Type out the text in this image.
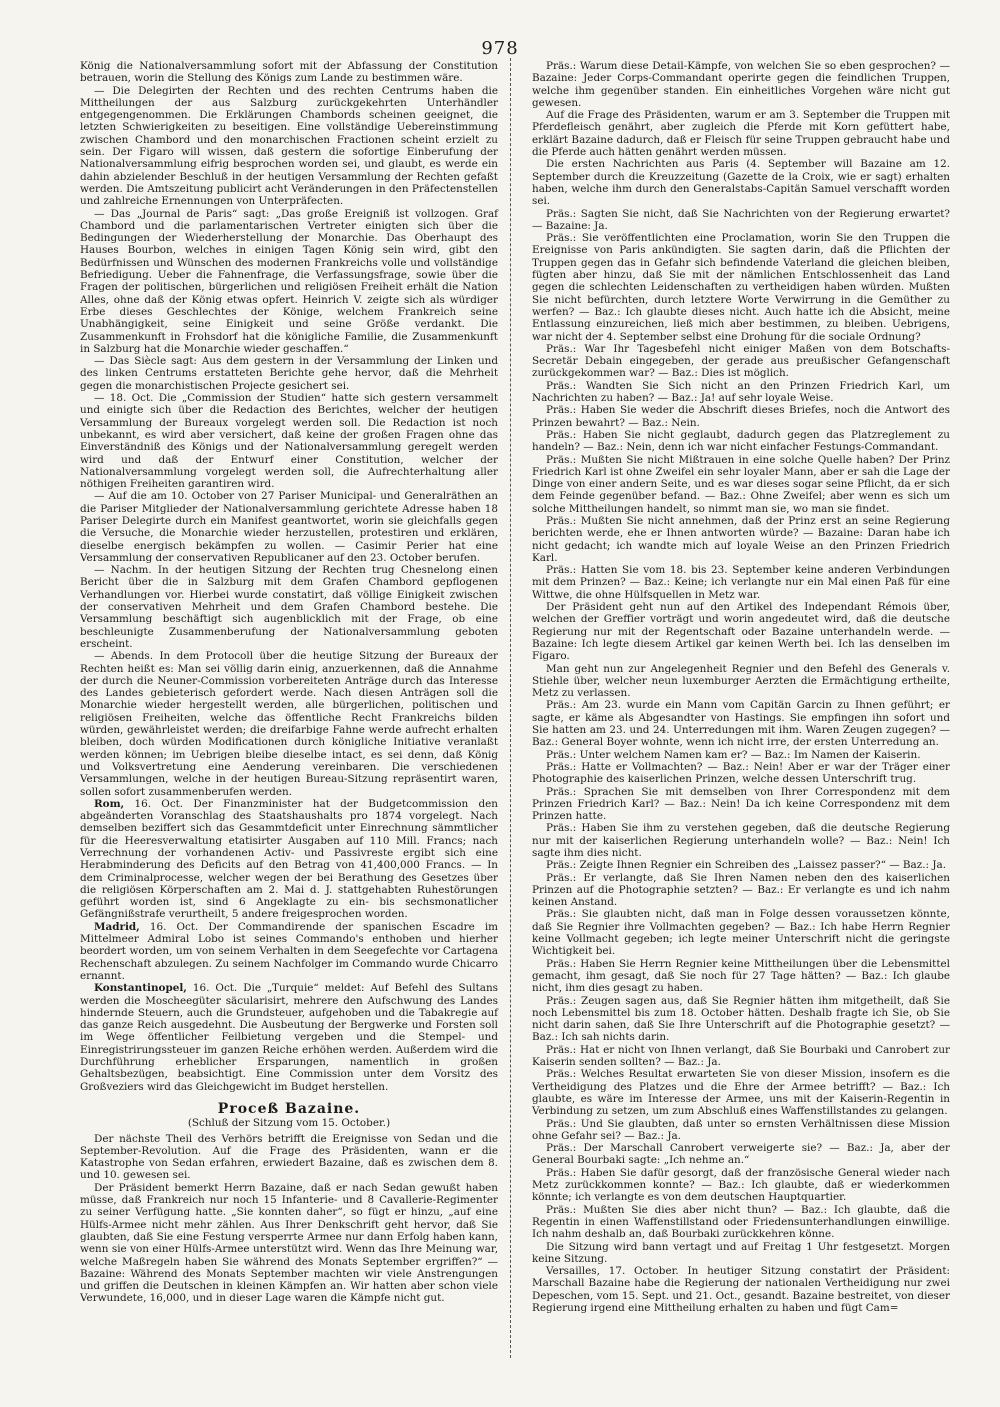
978

König die Nationalversammlung sofort mit der Abfassung der Constitution betrauen, worin die Stellung des Königs zum Lande zu bestimmen wäre.

— Die Delegirten der Rechten und des rechten Centrums haben die Mittheilungen der aus Salzburg zurückgekehrten Unterhändler entgegengenommen. Die Erklärungen Chambords scheinen geeignet, die letzten Schwierigkeiten zu beseitigen. Eine vollständige Uebereinstimmung zwischen Chambord und den monarchischen Fractionen scheint erzielt zu sein. Der Figaro will wissen, daß gestern die sofortige Einberufung der Nationalversammlung eifrig besprochen worden sei, und glaubt, es werde ein dahin abzielender Beschluß in der heutigen Versammlung der Rechten gefaßt werden. Die Amtszeitung publicirt acht Veränderungen in den Präfectenstellen und zahlreiche Ernennungen von Unterpräfecten.

— Das „Journal de Paris“ sagt: „Das große Ereigniß ist vollzogen. Graf Chambord und die parlamentarischen Vertreter einigten sich über die Bedingungen der Wiederherstellung der Monarchie. Das Oberhaupt des Hauses Bourbon, welches in einigen Tagen König sein wird, gibt den Bedürfnissen und Wünschen des modernen Frankreichs volle und vollständige Befriedigung. Ueber die Fahnenfrage, die Verfassungsfrage, sowie über die Fragen der politischen, bürgerlichen und religiösen Freiheit erhält die Nation Alles, ohne daß der König etwas opfert. Heinrich V. zeigte sich als würdiger Erbe dieses Geschlechtes der Könige, welchem Frankreich seine Unabhängigkeit, seine Einigkeit und seine Größe verdankt. Die Zusammenkunft in Frohsdorf hat die königliche Familie, die Zusammenkunft in Salzburg hat die Monarchie wieder geschaffen.“

— Das Siècle sagt: Aus dem gestern in der Versammlung der Linken und des linken Centrums erstatteten Berichte gehe hervor, daß die Mehrheit gegen die monarchistischen Projecte gesichert sei.

— 18. Oct. Die „Commission der Studien“ hatte sich gestern versammelt und einigte sich über die Redaction des Berichtes, welcher der heutigen Versammlung der Bureaux vorgelegt werden soll. Die Redaction ist noch unbekannt, es wird aber versichert, daß keine der großen Fragen ohne das Einverständniß des Königs und der Nationalversammlung geregelt werden wird und daß der Entwurf einer Constitution, welcher der Nationalversammlung vorgelegt werden soll, die Aufrechterhaltung aller nöthigen Freiheiten garantiren wird.

— Auf die am 10. October von 27 Pariser Municipal- und Generalräthen an die Pariser Mitglieder der Nationalversammlung gerichtete Adresse haben 18 Pariser Delegirte durch ein Manifest geantwortet, worin sie gleichfalls gegen die Versuche, die Monarchie wieder herzustellen, protestiren und erklären, dieselbe energisch bekämpfen zu wollen. — Casimir Perier hat eine Versammlung der conservativen Republicaner auf den 23. October berufen.

— Nachm. In der heutigen Sitzung der Rechten trug Chesnelong einen Bericht über die in Salzburg mit dem Grafen Chambord gepflogenen Verhandlungen vor. Hierbei wurde constatirt, daß völlige Einigkeit zwischen der conservativen Mehrheit und dem Grafen Chambord bestehe. Die Versammlung beschäftigt sich augenblicklich mit der Frage, ob eine beschleunigte Zusammenberufung der Nationalversammlung geboten erscheint.

— Abends. In dem Protocoll über die heutige Sitzung der Bureaux der Rechten heißt es: Man sei völlig darin einig, anzuerkennen, daß die Annahme der durch die Neuner-Commission vorbereiteten Anträge durch das Interesse des Landes gebieterisch gefordert werde. Nach diesen Anträgen soll die Monarchie wieder hergestellt werden, alle bürgerlichen, politischen und religiösen Freiheiten, welche das öffentliche Recht Frankreichs bilden würden, gewährleistet werden; die dreifarbige Fahne werde aufrecht erhalten bleiben, doch würden Modificationen durch königliche Initiative veranlaßt werden können; im Uebrigen bleibe dieselbe intact, es sei denn, daß König und Volksvertretung eine Aenderung vereinbaren. Die verschiedenen Versammlungen, welche in der heutigen Bureau-Sitzung repräsentirt waren, sollen sofort zusammenberufen werden.

Rom, 16. Oct. Der Finanzminister hat der Budgetcommission den abgeänderten Voranschlag des Staatshaushalts pro 1874 vorgelegt. Nach demselben beziffert sich das Gesammtdeficit unter Einrechnung sämmtlicher für die Heeresverwaltung etatisirter Ausgaben auf 110 Mill. Francs; nach Verrechnung der vorhandenen Activ- und Passivreste ergibt sich eine Herabminderung des Deficits auf den Betrag von 41,400,000 Francs. — In dem Criminalprocesse, welcher wegen der bei Berathung des Gesetzes über die religiösen Körperschaften am 2. Mai d. J. stattgehabten Ruhestörungen geführt worden ist, sind 6 Angeklagte zu ein- bis sechsmonatlicher Gefängnißstrafe verurtheilt, 5 andere freigesprochen worden.

Madrid, 16. Oct. Der Commandirende der spanischen Escadre im Mittelmeer Admiral Lobo ist seines Commando's enthoben und hierher beordert worden, um von seinem Verhalten in dem Seegefechte vor Cartagena Rechenschaft abzulegen. Zu seinem Nachfolger im Commando wurde Chicarro ernannt.

Konstantinopel, 16. Oct. Die „Turquie“ meldet: Auf Befehl des Sultans werden die Moscheegüter säcularisirt, mehrere den Aufschwung des Landes hindernde Steuern, auch die Grundsteuer, aufgehoben und die Tabakregie auf das ganze Reich ausgedehnt. Die Ausbeutung der Bergwerke und Forsten soll im Wege öffentlicher Feilbietung vergeben und die Stempel- und Einregistrirungssteuer im ganzen Reiche erhöhen werden. Außerdem wird die Durchführung erheblicher Ersparungen, namentlich in großen Gehaltsbezügen, beabsichtigt. Eine Commission unter dem Vorsitz des Großveziers wird das Gleichgewicht im Budget herstellen.

Proceß Bazaine.

(Schluß der Sitzung vom 15. October.)

Der nächste Theil des Verhörs betrifft die Ereignisse von Sedan und die September-Revolution. Auf die Frage des Präsidenten, wann er die Katastrophe von Sedan erfahren, erwiedert Bazaine, daß es zwischen dem 8. und 10. gewesen sei.

Der Präsident bemerkt Herrn Bazaine, daß er nach Sedan gewußt haben müsse, daß Frankreich nur noch 15 Infanterie- und 8 Cavallerie-Regimenter zu seiner Verfügung hatte. „Sie konnten daher“, so fügt er hinzu, „auf eine Hülfs-Armee nicht mehr zählen. Aus Ihrer Denkschrift geht hervor, daß Sie glaubten, daß Sie eine Festung versperrte Armee nur dann Erfolg haben kann, wenn sie von einer Hülfs-Armee unterstützt wird. Wenn das Ihre Meinung war, welche Maßregeln haben Sie während des Monats September ergriffen?“ — Bazaine: Während des Monats September machten wir viele Anstrengungen und griffen die Deutschen in kleinen Kämpfen an. Wir hatten aber schon viele Verwundete, 16,000, und in dieser Lage waren die Kämpfe nicht gut.

Präs.: Warum diese Detail-Kämpfe, von welchen Sie so eben gesprochen? — Bazaine: Jeder Corps-Commandant operirte gegen die feindlichen Truppen, welche ihm gegenüber standen. Ein einheitliches Vorgehen wäre nicht gut gewesen.

Auf die Frage des Präsidenten, warum er am 3. September die Truppen mit Pferdefleisch genährt, aber zugleich die Pferde mit Korn gefüttert habe, erklärt Bazaine dadurch, daß er Fleisch für seine Truppen gebraucht habe und die Pferde auch hätten genährt werden müssen.

Die ersten Nachrichten aus Paris (4. September will Bazaine am 12. September durch die Kreuzzeitung (Gazette de la Croix, wie er sagt) erhalten haben, welche ihm durch den Generalstabs-Capitän Samuel verschafft worden sei.

Präs.: Sagten Sie nicht, daß Sie Nachrichten von der Regierung erwartet? — Bazaine: Ja.

Präs.: Sie veröffentlichten eine Proclamation, worin Sie den Truppen die Ereignisse von Paris ankündigten. Sie sagten darin, daß die Pflichten der Truppen gegen das in Gefahr sich befindende Vaterland die gleichen bleiben, fügten aber hinzu, daß Sie mit der nämlichen Entschlossenheit das Land gegen die schlechten Leidenschaften zu vertheidigen haben würden. Mußten Sie nicht befürchten, durch letztere Worte Verwirrung in die Gemüther zu werfen? — Baz.: Ich glaubte dieses nicht. Auch hatte ich die Absicht, meine Entlassung einzureichen, ließ mich aber bestimmen, zu bleiben. Uebrigens, war nicht der 4. September selbst eine Drohung für die sociale Ordnung?

Präs.: War Ihr Tagesbefehl nicht einiger Maßen von dem Botschafts-Secretär Debain eingegeben, der gerade aus preußischer Gefangenschaft zurückgekommen war? — Baz.: Dies ist möglich.

Präs.: Wandten Sie Sich nicht an den Prinzen Friedrich Karl, um Nachrichten zu haben? — Baz.: Ja! auf sehr loyale Weise.

Präs.: Haben Sie weder die Abschrift dieses Briefes, noch die Antwort des Prinzen bewahrt? — Baz.: Nein.

Präs.: Haben Sie nicht geglaubt, dadurch gegen das Platzreglement zu handeln? — Baz.: Nein, denn ich war nicht einfacher Festungs-Commandant.

Präs.: Mußten Sie nicht Mißtrauen in eine solche Quelle haben? Der Prinz Friedrich Karl ist ohne Zweifel ein sehr loyaler Mann, aber er sah die Lage der Dinge von einer andern Seite, und es war dieses sogar seine Pflicht, da er sich dem Feinde gegenüber befand. — Baz.: Ohne Zweifel; aber wenn es sich um solche Mittheilungen handelt, so nimmt man sie, wo man sie findet.

Präs.: Mußten Sie nicht annehmen, daß der Prinz erst an seine Regierung berichten werde, ehe er Ihnen antworten würde? — Bazaine: Daran habe ich nicht gedacht; ich wandte mich auf loyale Weise an den Prinzen Friedrich Karl.

Präs.: Hatten Sie vom 18. bis 23. September keine anderen Verbindungen mit dem Prinzen? — Baz.: Keine; ich verlangte nur ein Mal einen Paß für eine Wittwe, die ohne Hülfsquellen in Metz war.

Der Präsident geht nun auf den Artikel des Independant Rémois über, welchen der Greffier vorträgt und worin angedeutet wird, daß die deutsche Regierung nur mit der Regentschaft oder Bazaine unterhandeln werde. — Bazaine: Ich legte diesem Artikel gar keinen Werth bei. Ich las denselben im Figaro.

Man geht nun zur Angelegenheit Regnier und den Befehl des Generals v. Stiehle über, welcher neun luxemburger Aerzten die Ermächtigung ertheilte, Metz zu verlassen.

Präs.: Am 23. wurde ein Mann vom Capitän Garcin zu Ihnen geführt; er sagte, er käme als Abgesandter von Hastings. Sie empfingen ihn sofort und Sie hatten am 23. und 24. Unterredungen mit ihm. Waren Zeugen zugegen? — Baz.: General Boyer wohnte, wenn ich nicht irre, der ersten Unterredung an.

Präs.: Unter welchem Namen kam er? — Baz.: Im Namen der Kaiserin.

Präs.: Hatte er Vollmachten? — Baz.: Nein! Aber er war der Träger einer Photographie des kaiserlichen Prinzen, welche dessen Unterschrift trug.

Präs.: Sprachen Sie mit demselben von Ihrer Correspondenz mit dem Prinzen Friedrich Karl? — Baz.: Nein! Da ich keine Correspondenz mit dem Prinzen hatte.

Präs.: Haben Sie ihm zu verstehen gegeben, daß die deutsche Regierung nur mit der kaiserlichen Regierung unterhandeln wolle? — Baz.: Nein! Ich sagte ihm dies nicht.

Präs.: Zeigte Ihnen Regnier ein Schreiben des „Laissez passer?“ — Baz.: Ja.

Präs.: Er verlangte, daß Sie Ihren Namen neben den des kaiserlichen Prinzen auf die Photographie setzten? — Baz.: Er verlangte es und ich nahm keinen Anstand.

Präs.: Sie glaubten nicht, daß man in Folge dessen voraussetzen könnte, daß Sie Regnier ihre Vollmachten gegeben? — Baz.: Ich habe Herrn Regnier keine Vollmacht gegeben; ich legte meiner Unterschrift nicht die geringste Wichtigkeit bei.

Präs.: Haben Sie Herrn Regnier keine Mittheilungen über die Lebensmittel gemacht, ihm gesagt, daß Sie noch für 27 Tage hätten? — Baz.: Ich glaube nicht, ihm dies gesagt zu haben.

Präs.: Zeugen sagen aus, daß Sie Regnier hätten ihm mitgetheilt, daß Sie noch Lebensmittel bis zum 18. October hätten. Deshalb fragte ich Sie, ob Sie nicht darin sahen, daß Sie Ihre Unterschrift auf die Photographie gesetzt? — Baz.: Ich sah nichts darin.

Präs.: Hat er nicht von Ihnen verlangt, daß Sie Bourbaki und Canrobert zur Kaiserin senden sollten? — Baz.: Ja.

Präs.: Welches Resultat erwarteten Sie von dieser Mission, insofern es die Vertheidigung des Platzes und die Ehre der Armee betrifft? — Baz.: Ich glaubte, es wäre im Interesse der Armee, uns mit der Kaiserin-Regentin in Verbindung zu setzen, um zum Abschluß eines Waffenstillstandes zu gelangen.

Präs.: Und Sie glaubten, daß unter so ernsten Verhältnissen diese Mission ohne Gefahr sei? — Baz.: Ja.

Präs.: Der Marschall Canrobert verweigerte sie? — Baz.: Ja, aber der General Bourbaki sagte: „Ich nehme an.“

Präs.: Haben Sie dafür gesorgt, daß der französische General wieder nach Metz zurückkommen konnte? — Baz.: Ich glaubte, daß er wiederkommen könnte; ich verlangte es von dem deutschen Hauptquartier.

Präs.: Mußten Sie dies aber nicht thun? — Baz.: Ich glaubte, daß die Regentin in einen Waffenstillstand oder Friedensunterhandlungen einwillige. Ich nahm deshalb an, daß Bourbaki zurückkehren könne.

Die Sitzung wird bann vertagt und auf Freitag 1 Uhr festgesetzt. Morgen keine Sitzung.

Versailles, 17. October. In heutiger Sitzung constatirt der Präsident: Marschall Bazaine habe die Regierung der nationalen Vertheidigung nur zwei Depeschen, vom 15. Sept. und 21. Oct., gesandt. Bazaine bestreitet, von dieser Regierung irgend eine Mittheilung erhalten zu haben und fügt Cam=
